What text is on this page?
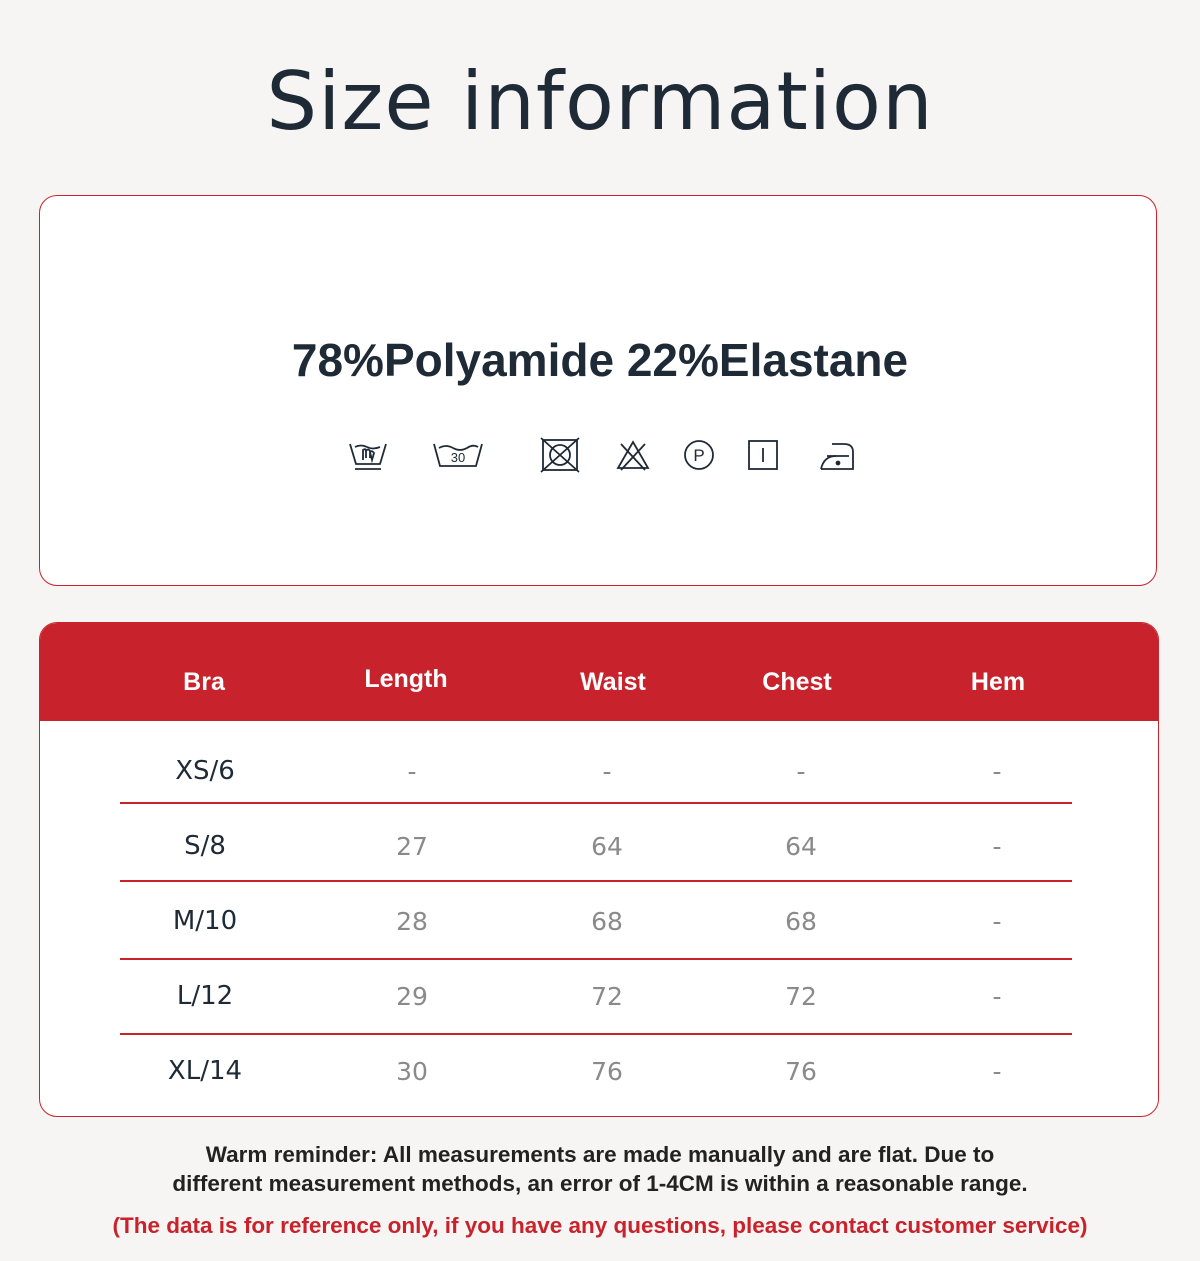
Size information
78%Polyamide 22%Elastane
30	P
Bra	Length	Waist	Chest	Hem
XS/6	-	-	-	-
S/8	27	64	64	-
M/10	28	68	68	-
L/12	29	72	72	-
XL/14	30	76	76	-
Warm reminder: All measurements are made manually and are flat. Due to
different measurement methods, an error of 1-4CM is within a reasonable range.
(The data is for reference only, if you have any questions, please contact customer service)
